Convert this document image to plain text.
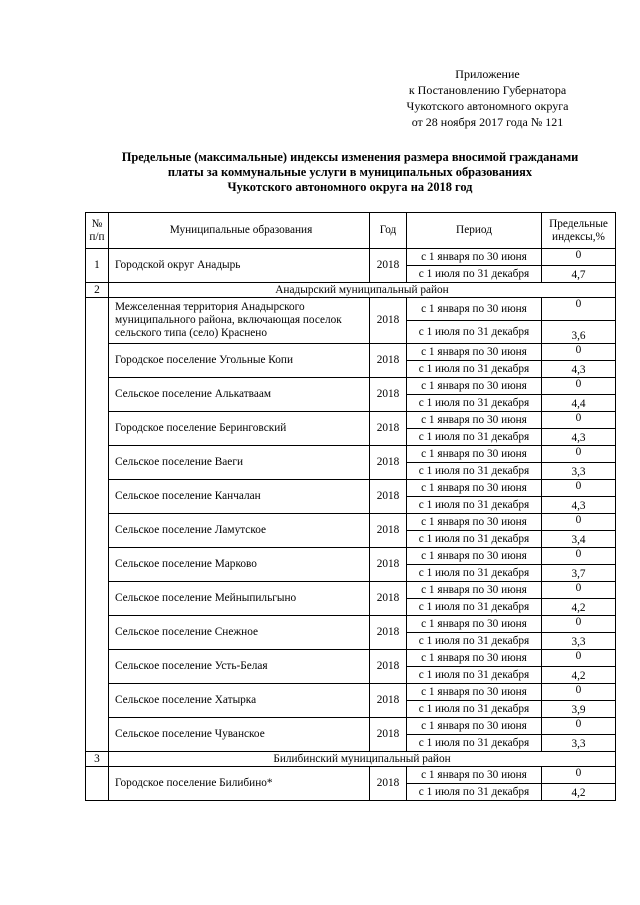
Приложение
к Постановлению Губернатора
Чукотского автономного округа
от 28 ноября 2017 года № 121
Предельные (максимальные) индексы изменения размера вносимой гражданами
платы за коммунальные услуги в муниципальных образованиях
Чукотского автономного округа на 2018 год
№ п/п	Муниципальные образования	Год	Период	Предельные индексы,%
1	Городской округ Анадырь	2018	с 1 января по 30 июня	0
			с 1 июля по 31 декабря	4,7
2	Анадырский муниципальный район			
	Межселенная территория Анадырского муниципального района, включающая поселок сельского типа (село) Краснено	2018	с 1 января по 30 июня	0
			с 1 июля по 31 декабря	3,6
	Городское поселение Угольные Копи	2018	с 1 января по 30 июня	0
			с 1 июля по 31 декабря	4,3
	Сельское поселение Алькатваам	2018	с 1 января по 30 июня	0
			с 1 июля по 31 декабря	4,4
	Городское поселение Беринговский	2018	с 1 января по 30 июня	0
			с 1 июля по 31 декабря	4,3
	Сельское поселение Ваеги	2018	с 1 января по 30 июня	0
			с 1 июля по 31 декабря	3,3
	Сельское поселение Канчалан	2018	с 1 января по 30 июня	0
			с 1 июля по 31 декабря	4,3
	Сельское поселение Ламутское	2018	с 1 января по 30 июня	0
			с 1 июля по 31 декабря	3,4
	Сельское поселение Марково	2018	с 1 января по 30 июня	0
			с 1 июля по 31 декабря	3,7
	Сельское поселение Мейныпильгыно	2018	с 1 января по 30 июня	0
			с 1 июля по 31 декабря	4,2
	Сельское поселение Снежное	2018	с 1 января по 30 июня	0
			с 1 июля по 31 декабря	3,3
	Сельское поселение Усть-Белая	2018	с 1 января по 30 июня	0
			с 1 июля по 31 декабря	4,2
	Сельское поселение Хатырка	2018	с 1 января по 30 июня	0
			с 1 июля по 31 декабря	3,9
	Сельское поселение Чуванское	2018	с 1 января по 30 июня	0
			с 1 июля по 31 декабря	3,3
3	Билибинский муниципальный район			
	Городское поселение Билибино*	2018	с 1 января по 30 июня	0
			с 1 июля по 31 декабря	4,2
